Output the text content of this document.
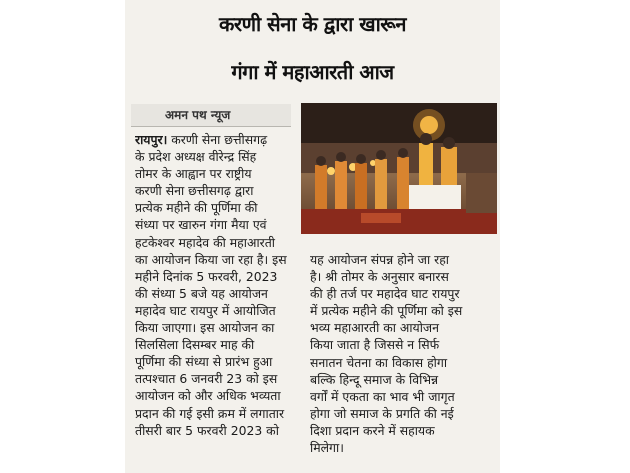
करणी सेना के द्वारा खारून
गंगा में महाआरती आज
अमन पथ न्यूज
रायपुर। करणी सेना छत्तीसगढ़
के प्रदेश अध्यक्ष वीरेन्द्र सिंह
तोमर के आह्वान पर राष्ट्रीय
करणी सेना छत्तीसगढ़ द्वारा
प्रत्येक महीने की पूर्णिमा की
संध्या पर खारुन गंगा मैया एवं
हटकेश्वर महादेव की महाआरती
का आयोजन किया जा रहा है। इस
महीने दिनांक 5 फरवरी, 2023
की संध्या 5 बजे यह आयोजन
महादेव घाट रायपुर में आयोजित
किया जाएगा। इस आयोजन का
सिलसिला दिसम्बर माह की
पूर्णिमा की संध्या से प्रारंभ हुआ
तत्पश्चात 6 जनवरी 23 को इस
आयोजन को और अधिक भव्यता
प्रदान की गई इसी क्रम में लगातार
तीसरी बार 5 फरवरी 2023 को
यह आयोजन संपन्न होने जा रहा
है। श्री तोमर के अनुसार बनारस
की ही तर्ज पर महादेव घाट रायपुर
में प्रत्येक महीने की पूर्णिमा को इस
भव्य महाआरती का आयोजन
किया जाता है जिससे न सिर्फ
सनातन चेतना का विकास होगा
बल्कि हिन्दू समाज के विभिन्न
वर्गों में एकता का भाव भी जागृत
होगा जो समाज के प्रगति की नई
दिशा प्रदान करने में सहायक
मिलेगा।
